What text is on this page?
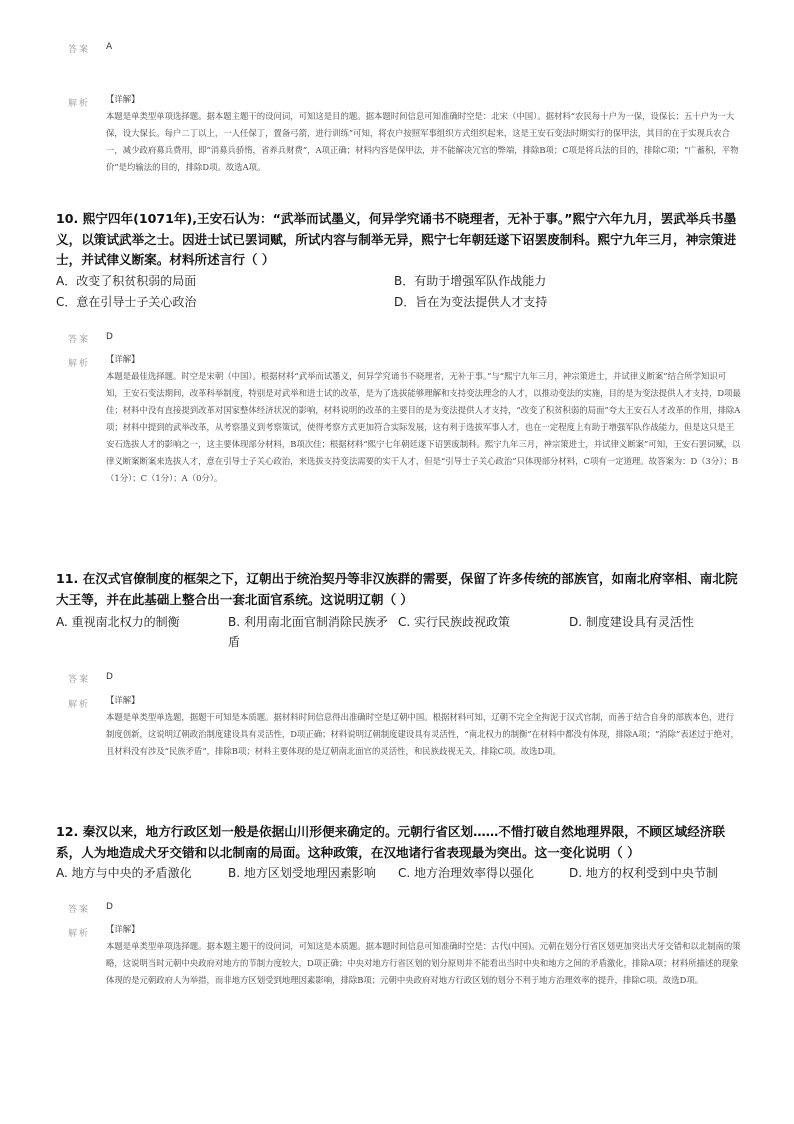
答案 A
解析 【详解】
本题是单类型单项选择题。据本题主题干的设问词，可知这是目的题。据本题时间信息可知准确时空是：北宋（中国）。据材料“农民每十户为一保，设保长；五十户为一大保，设大保长。每户二丁以上，一人任保丁，置备弓箭，进行训练”可知，将农户按照军事组织方式组织起来，这是王安石变法时期实行的保甲法，其目的在于实现兵农合一，减少政府募兵费用，即“消募兵骄惰，省养兵财费”，A项正确；材料内容是保甲法，并不能解决冗官的弊端，排除B项；C项是将兵法的目的，排除C项；“广蓄积，平物价”是均输法的目的，排除D项。故选A项。
10. 熙宁四年(1071年),王安石认为：“武举而试墨义，何异学究诵书不晓理者，无补于事。”熙宁六年九月，罢武举兵书墨义，以策试武举之士。因进士试已罢词赋，所试内容与制举无异，熙宁七年朝廷遂下诏罢废制科。熙宁九年三月，神宗策进士，并试律义断案。材料所述言行（ ）
A．改变了积贫积弱的局面	B．有助于增强军队作战能力
C．意在引导士子关心政治	D．旨在为变法提供人才支持
答案 D
解析 【详解】
本题是最佳选择题。时空是宋朝（中国）。根据材料“武举而试墨义，何异学究诵书不晓理者，无补于事。”与“熙宁九年三月，神宗策进士，并试律义断案”结合所学知识可知，王安石变法期间，改革科举制度，特别是对武举和进士试的改革，是为了选拔能够理解和支持变法理念的人才，以推动变法的实施，目的是为变法提供人才支持，D项最佳；材料中没有直接提到改革对国家整体经济状况的影响，材料说明的改革的主要目的是为变法提供人才支持，“改变了积贫积弱的局面”夸大王安石人才改革的作用，排除A项；材料中提到的武举改革，从考察墨义到考察策试，使得考察方式更加符合实际发展，这有利于选拔军事人才，也在一定程度上有助于增强军队作战能力，但是这只是王安石选拔人才的影响之一，这主要体现部分材料，B项次佳；根据材料“熙宁七年朝廷遂下诏罢废制科。熙宁九年三月，神宗策进士，并试律义断案”可知，王安石罢词赋，以律义断案断案来选拔人才，意在引导士子关心政治，来选拔支持变法需要的实干人才，但是“引导士子关心政治”只体现部分材料，C项有一定道理。故答案为：D（3分）；B（1分）；C（1分）；A（0分）。
11. 在汉式官僚制度的框架之下，辽朝出于统治契丹等非汉族群的需要，保留了许多传统的部族官，如南北府宰相、南北院大王等，并在此基础上整合出一套北面官系统。这说明辽朝（ ）
A. 重视南北权力的制衡	B. 利用南北面官制消除民族矛盾
C. 实行民族歧视政策	D. 制度建设具有灵活性
答案 D
解析 【详解】
本题是单类型单选题，据题干可知是本质题。据材料时间信息得出准确时空是辽朝中国。根据材料可知，辽朝不完全全拘泥于汉式官制，而善于结合自身的部族本色，进行制度创新，这说明辽朝政治制度建设具有灵活性，D项正确；材料说明辽朝制度建设具有灵活性，“南北权力的制衡”在材料中都没有体现，排除A项；“消除”表述过于绝对，且材料没有涉及“民族矛盾”，排除B项；材料主要体现的是辽朝南北面官的灵活性，和民族歧视无关，排除C项。故选D项。
12. 秦汉以来，地方行政区划一般是依据山川形便来确定的。元朝行省区划……不惜打破自然地理界限，不顾区域经济联系，人为地造成犬牙交错和以北制南的局面。这种政策，在汉地诸行省表现最为突出。这一变化说明（ ）
A. 地方与中央的矛盾激化	B. 地方区划受地理因素影响 C. 地方治理效率得以强化	D. 地方的权利受到中央节制
答案 D
解析 【详解】
本题是单类型单项选择题。据本题主题干的设问词，可知这是本质题。据本题时间信息可知准确时空是：古代(中国)。元朝在划分行省区划更加突出犬牙交错和以北制南的策略，这说明当时元朝中央政府对地方的节制力度较大，D项正确；中央对地方行省区划的划分原则并不能看出当时中央和地方之间的矛盾激化，排除A项；材料所描述的现象体现的是元朝政府人为举措，而非地方区划受到地理因素影响，排除B项；元朝中央政府对地方行政区划的划分不利于地方治理效率的提升，排除C项。故选D项。
